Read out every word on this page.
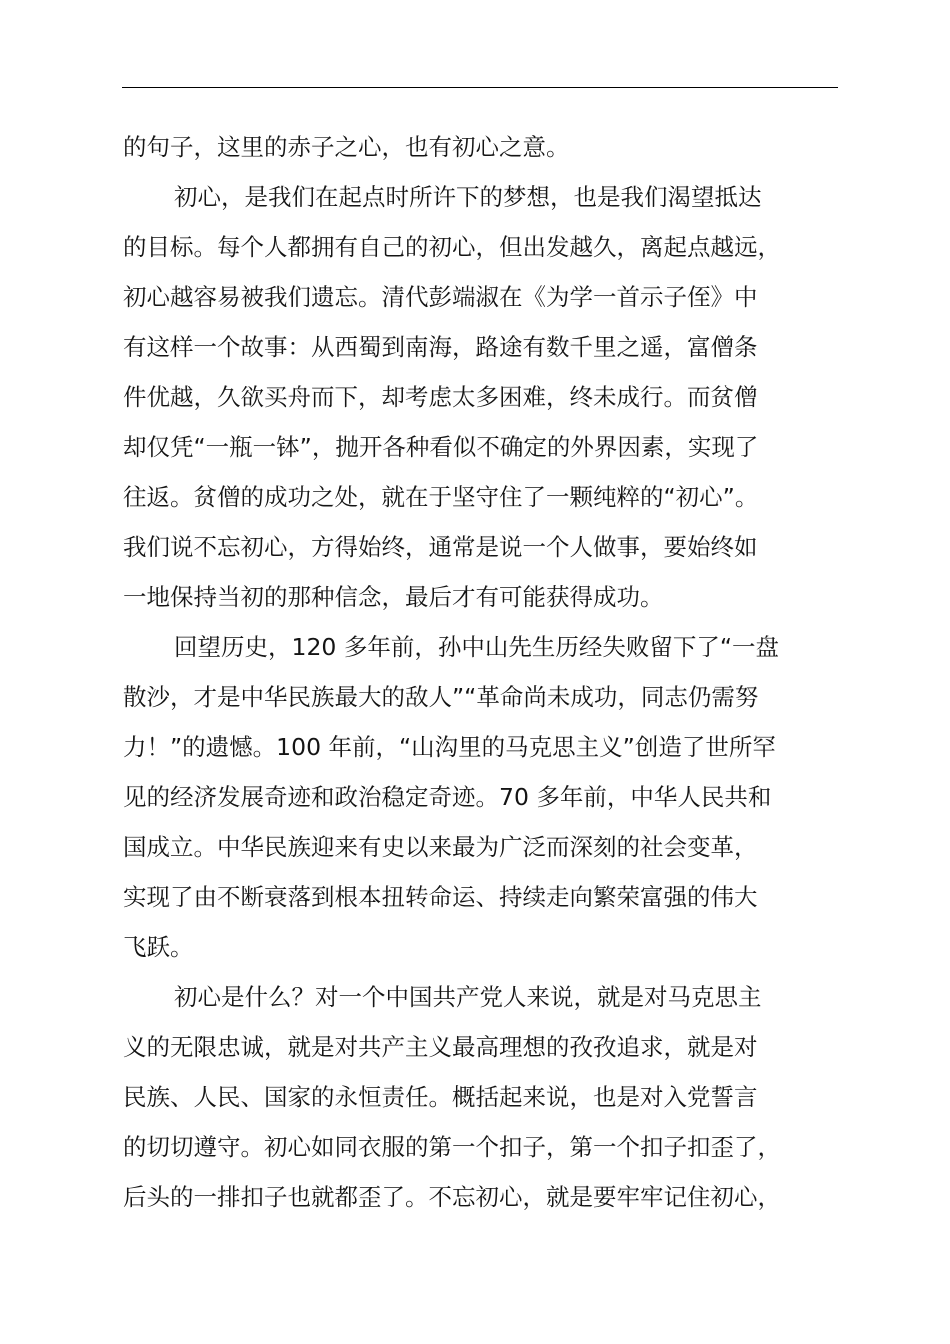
的句子，这里的赤子之心，也有初心之意。
初心，是我们在起点时所许下的梦想，也是我们渴望抵达
的目标。每个人都拥有自己的初心，但出发越久，离起点越远，
初心越容易被我们遗忘。清代彭端淑在《为学一首示子侄》中
有这样一个故事：从西蜀到南海，路途有数千里之遥，富僧条
件优越，久欲买舟而下，却考虑太多困难，终未成行。而贫僧
却仅凭“一瓶一钵”，抛开各种看似不确定的外界因素，实现了
往返。贫僧的成功之处，就在于坚守住了一颗纯粹的“初心”。
我们说不忘初心，方得始终，通常是说一个人做事，要始终如
一地保持当初的那种信念，最后才有可能获得成功。
回望历史，120 多年前，孙中山先生历经失败留下了“一盘
散沙，才是中华民族最大的敌人”“革命尚未成功，同志仍需努
力！”的遗憾。100 年前，“山沟里的马克思主义”创造了世所罕
见的经济发展奇迹和政治稳定奇迹。70 多年前，中华人民共和
国成立。中华民族迎来有史以来最为广泛而深刻的社会变革，
实现了由不断衰落到根本扭转命运、持续走向繁荣富强的伟大
飞跃。
初心是什么？对一个中国共产党人来说，就是对马克思主
义的无限忠诚，就是对共产主义最高理想的孜孜追求，就是对
民族、人民、国家的永恒责任。概括起来说，也是对入党誓言
的切切遵守。初心如同衣服的第一个扣子，第一个扣子扣歪了，
后头的一排扣子也就都歪了。不忘初心，就是要牢牢记住初心，
